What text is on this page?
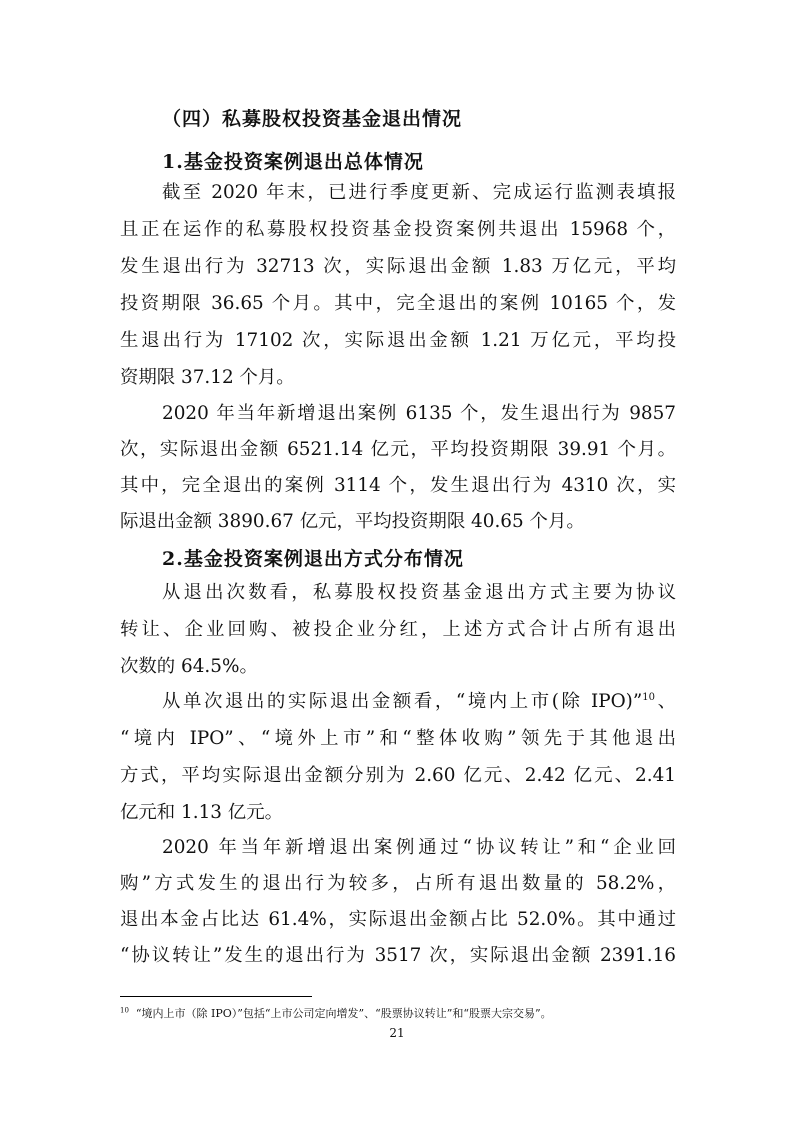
（四）私募股权投资基金退出情况
1.基金投资案例退出总体情况
截至 2020 年末，已进行季度更新、完成运行监测表填报
且正在运作的私募股权投资基金投资案例共退出 15968 个，
发生退出行为 32713 次，实际退出金额 1.83 万亿元，平均
投资期限 36.65 个月。其中，完全退出的案例 10165 个，发
生退出行为 17102 次，实际退出金额 1.21 万亿元，平均投
资期限 37.12 个月。
2020 年当年新增退出案例 6135 个，发生退出行为 9857
次，实际退出金额 6521.14 亿元，平均投资期限 39.91 个月。
其中，完全退出的案例 3114 个，发生退出行为 4310 次，实
际退出金额 3890.67 亿元，平均投资期限 40.65 个月。
2.基金投资案例退出方式分布情况
从退出次数看，私募股权投资基金退出方式主要为协议
转让、企业回购、被投企业分红，上述方式合计占所有退出
次数的 64.5%。
从单次退出的实际退出金额看，“境内上市(除 IPO)”$^{10}$、
“境内 IPO”、“境外上市”和“整体收购”领先于其他退出
方式，平均实际退出金额分别为 2.60 亿元、2.42 亿元、2.41
亿元和 1.13 亿元。
2020 年当年新增退出案例通过“协议转让”和“企业回
购”方式发生的退出行为较多，占所有退出数量的 58.2%，
退出本金占比达 61.4%，实际退出金额占比 52.0%。其中通过
“协议转让”发生的退出行为 3517 次，实际退出金额 2391.16
$^{10}$ “境内上市（除 IPO）”包括“上市公司定向增发”、“股票协议转让”和“股票大宗交易”。
21
